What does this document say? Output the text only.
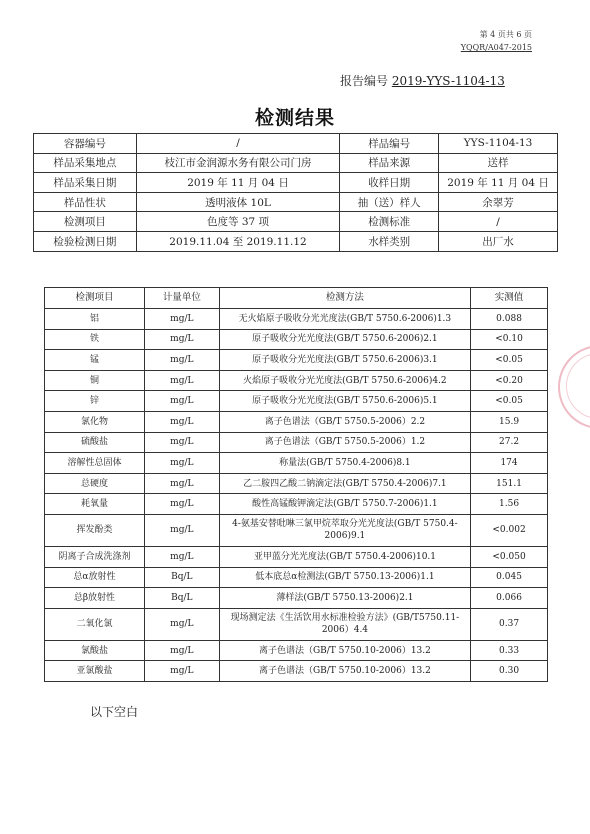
第 4 页共 6 页
YQQR/A047-2015
报告编号 2019-YYS-1104-13
检测结果
容器编号	/	样品编号	YYS-1104-13
样品采集地点	枝江市金润源水务有限公司门房	样品来源	送样
样品采集日期	2019 年 11 月 04 日	收样日期	2019 年 11 月 04 日
样品性状	透明液体 10L	抽（送）样人	余翠芳
检测项目	色度等 37 项	检测标准	/
检验检测日期	2019.11.04 至 2019.11.12	水样类别	出厂水
检测项目	计量单位	检测方法	实测值
铝	mg/L	无火焰原子吸收分光光度法(GB/T 5750.6-2006)1.3	0.088
铁	mg/L	原子吸收分光光度法(GB/T 5750.6-2006)2.1	<0.10
锰	mg/L	原子吸收分光光度法(GB/T 5750.6-2006)3.1	<0.05
铜	mg/L	火焰原子吸收分光光度法(GB/T 5750.6-2006)4.2	<0.20
锌	mg/L	原子吸收分光光度法(GB/T 5750.6-2006)5.1	<0.05
氯化物	mg/L	离子色谱法（GB/T 5750.5-2006）2.2	15.9
硫酸盐	mg/L	离子色谱法（GB/T 5750.5-2006）1.2	27.2
溶解性总固体	mg/L	称量法(GB/T 5750.4-2006)8.1	174
总硬度	mg/L	乙二胺四乙酸二钠滴定法(GB/T 5750.4-2006)7.1	151.1
耗氧量	mg/L	酸性高锰酸钾滴定法(GB/T 5750.7-2006)1.1	1.56
挥发酚类	mg/L	4-氨基安替吡啉三氯甲烷萃取分光光度法(GB/T 5750.4-2006)9.1	<0.002
阴离子合成洗涤剂	mg/L	亚甲蓝分光光度法(GB/T 5750.4-2006)10.1	<0.050
总α放射性	Bq/L	低本底总α检测法(GB/T 5750.13-2006)1.1	0.045
总β放射性	Bq/L	薄样法(GB/T 5750.13-2006)2.1	0.066
二氧化氯	mg/L	现场测定法《生活饮用水标准检验方法》(GB/T5750.11-2006）4.4	0.37
氯酸盐	mg/L	离子色谱法（GB/T 5750.10-2006）13.2	0.33
亚氯酸盐	mg/L	离子色谱法（GB/T 5750.10-2006）13.2	0.30
以下空白
